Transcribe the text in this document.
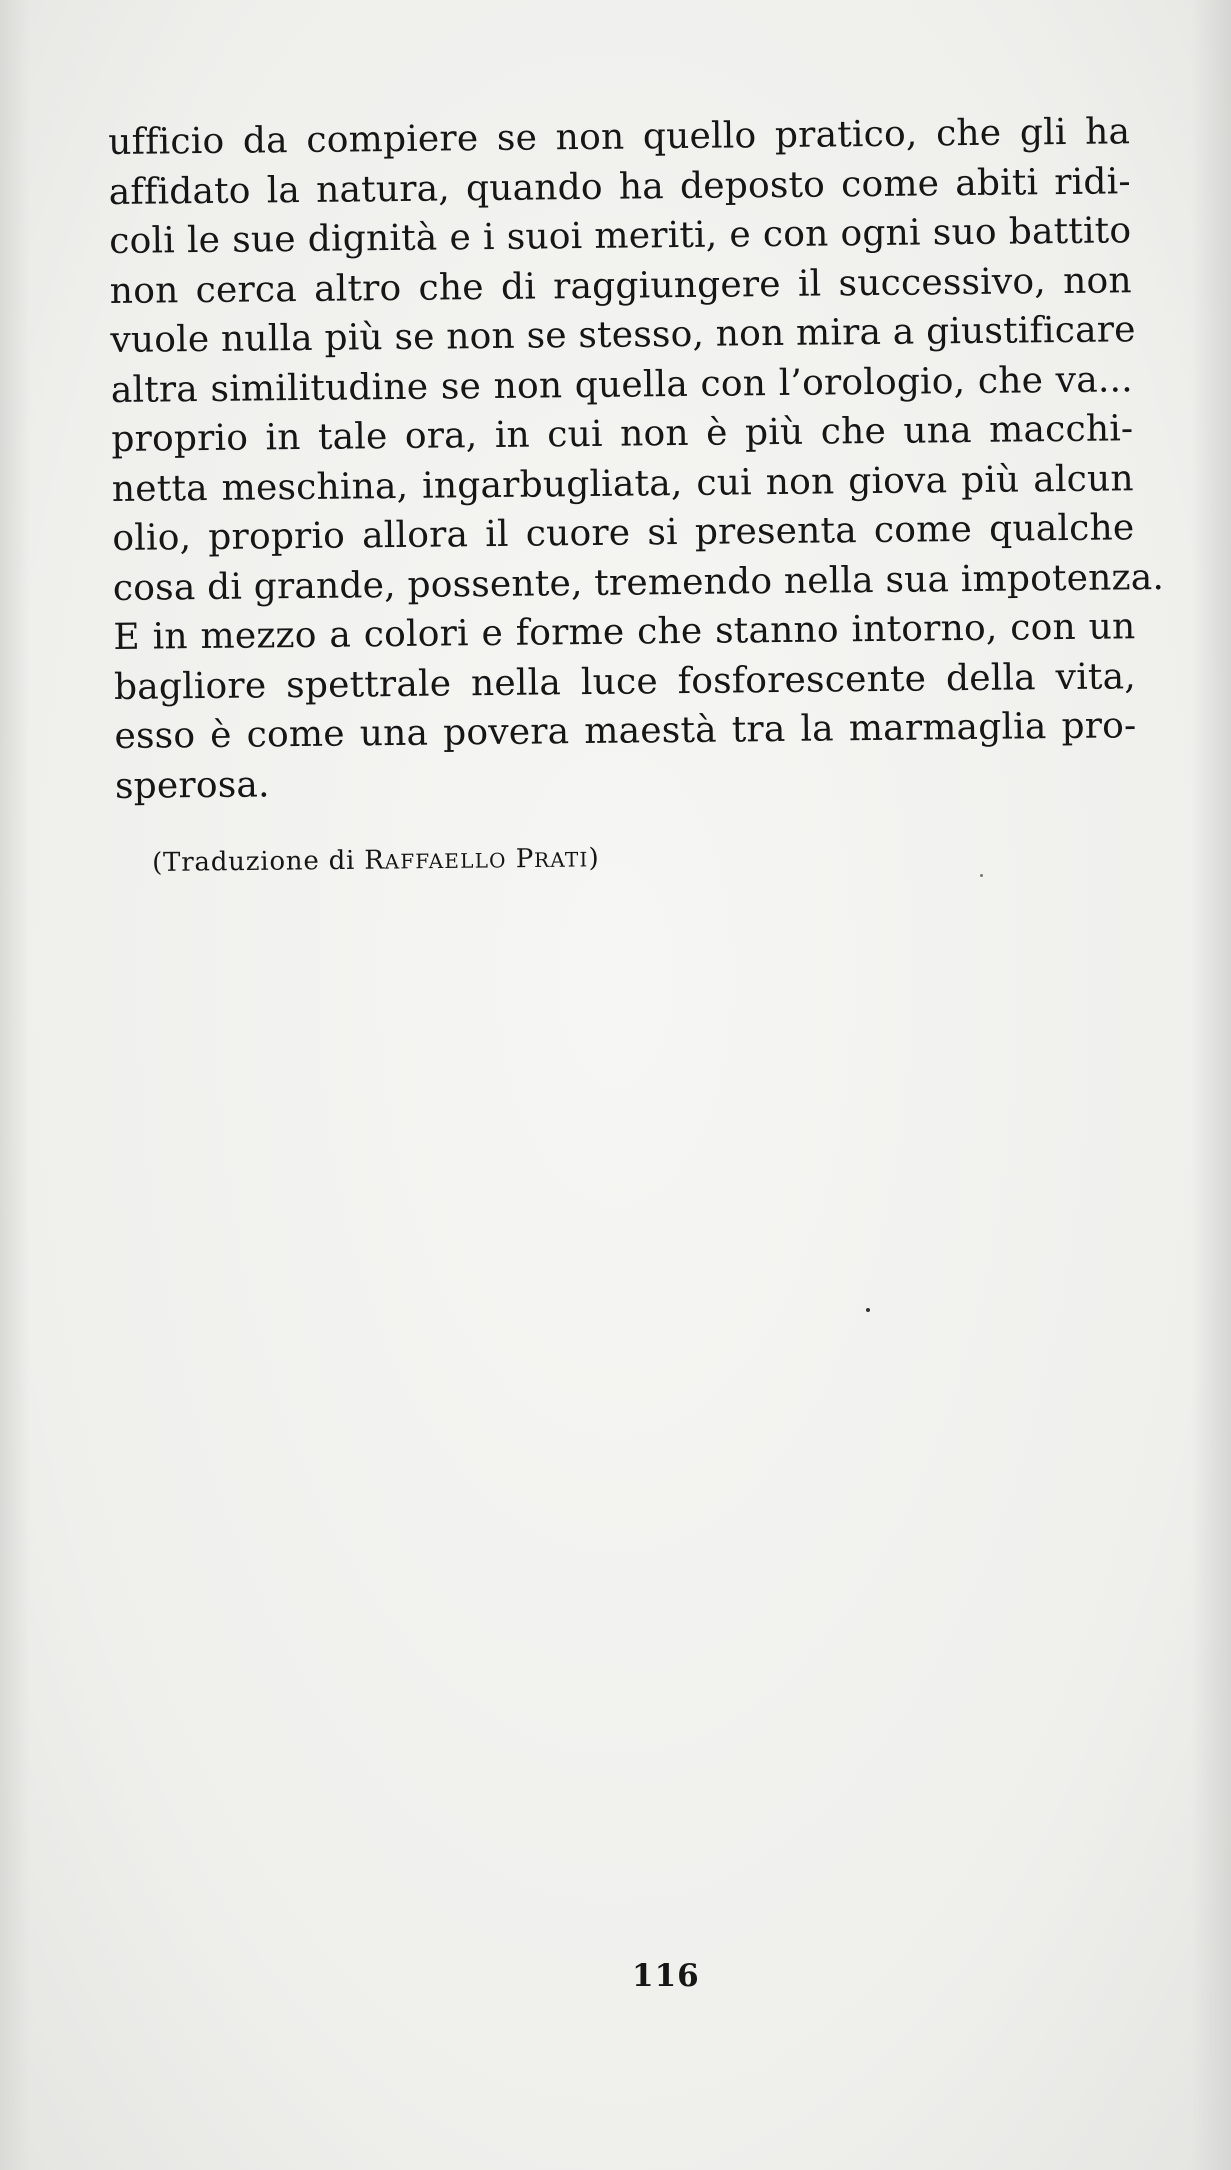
ufficio da compiere se non quello pratico, che gli ha
affidato la natura, quando ha deposto come abiti ridi-
coli le sue dignità e i suoi meriti, e con ogni suo battito
non cerca altro che di raggiungere il successivo, non
vuole nulla più se non se stesso, non mira a giustificare
altra similitudine se non quella con l’orologio, che va...
proprio in tale ora, in cui non è più che una macchi-
netta meschina, ingarbugliata, cui non giova più alcun
olio, proprio allora il cuore si presenta come qualche
cosa di grande, possente, tremendo nella sua impotenza.
E in mezzo a colori e forme che stanno intorno, con un
bagliore spettrale nella luce fosforescente della vita,
esso è come una povera maestà tra la marmaglia pro-
sperosa.
(Traduzione di RAFFAELLO PRATI)
116
